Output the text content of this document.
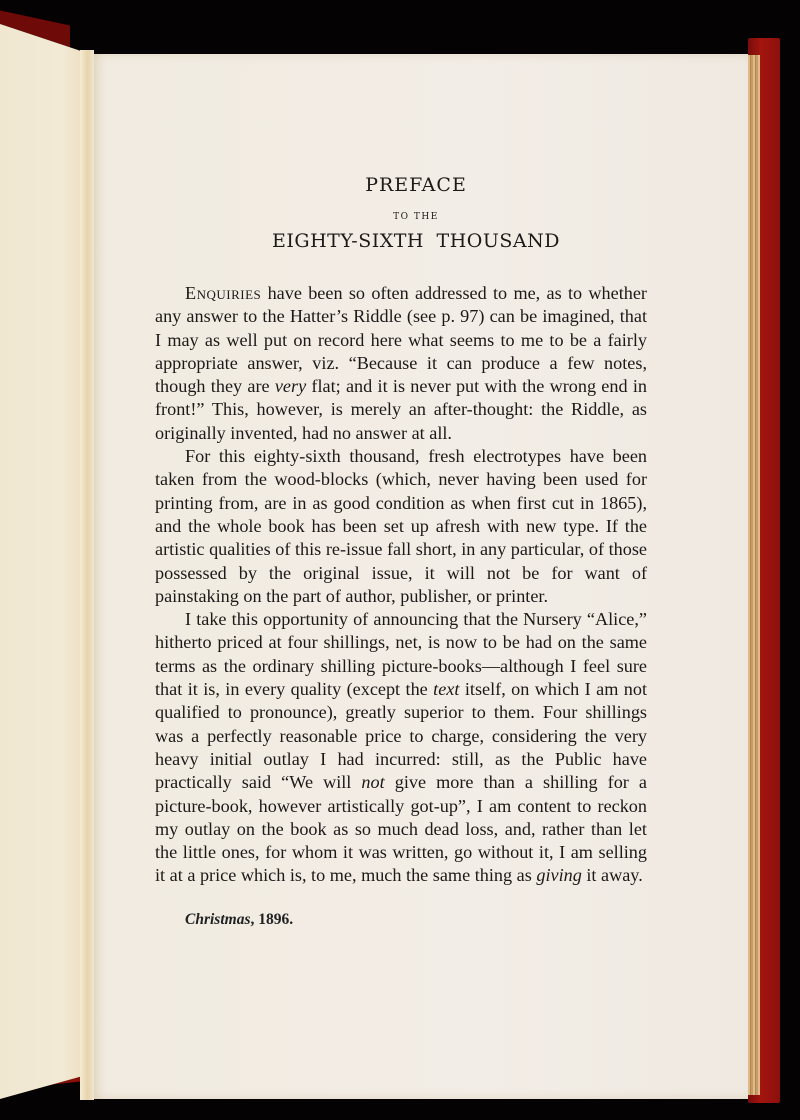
PREFACE
TO THE
EIGHTY-SIXTH THOUSAND

Enquiries have been so often addressed to me, as to whether any answer to the Hatter’s Riddle (see p. 97) can be imagined, that I may as well put on record here what seems to me to be a fairly appropriate answer, viz. “Because it can produce a few notes, though they are very flat; and it is never put with the wrong end in front!” This, however, is merely an after-thought: the Riddle, as originally invented, had no answer at all.

For this eighty-sixth thousand, fresh electrotypes have been taken from the wood-blocks (which, never having been used for printing from, are in as good condition as when first cut in 1865), and the whole book has been set up afresh with new type. If the artistic qualities of this re-issue fall short, in any particular, of those possessed by the original issue, it will not be for want of painstaking on the part of author, publisher, or printer.

I take this opportunity of announcing that the Nursery “Alice,” hitherto priced at four shillings, net, is now to be had on the same terms as the ordinary shilling picture-books—although I feel sure that it is, in every quality (except the text itself, on which I am not qualified to pronounce), greatly superior to them. Four shillings was a perfectly reasonable price to charge, considering the very heavy initial outlay I had incurred: still, as the Public have practically said “We will not give more than a shilling for a picture-book, however artistically got-up”, I am content to reckon my outlay on the book as so much dead loss, and, rather than let the little ones, for whom it was written, go without it, I am selling it at a price which is, to me, much the same thing as giving it away.

Christmas, 1896.
